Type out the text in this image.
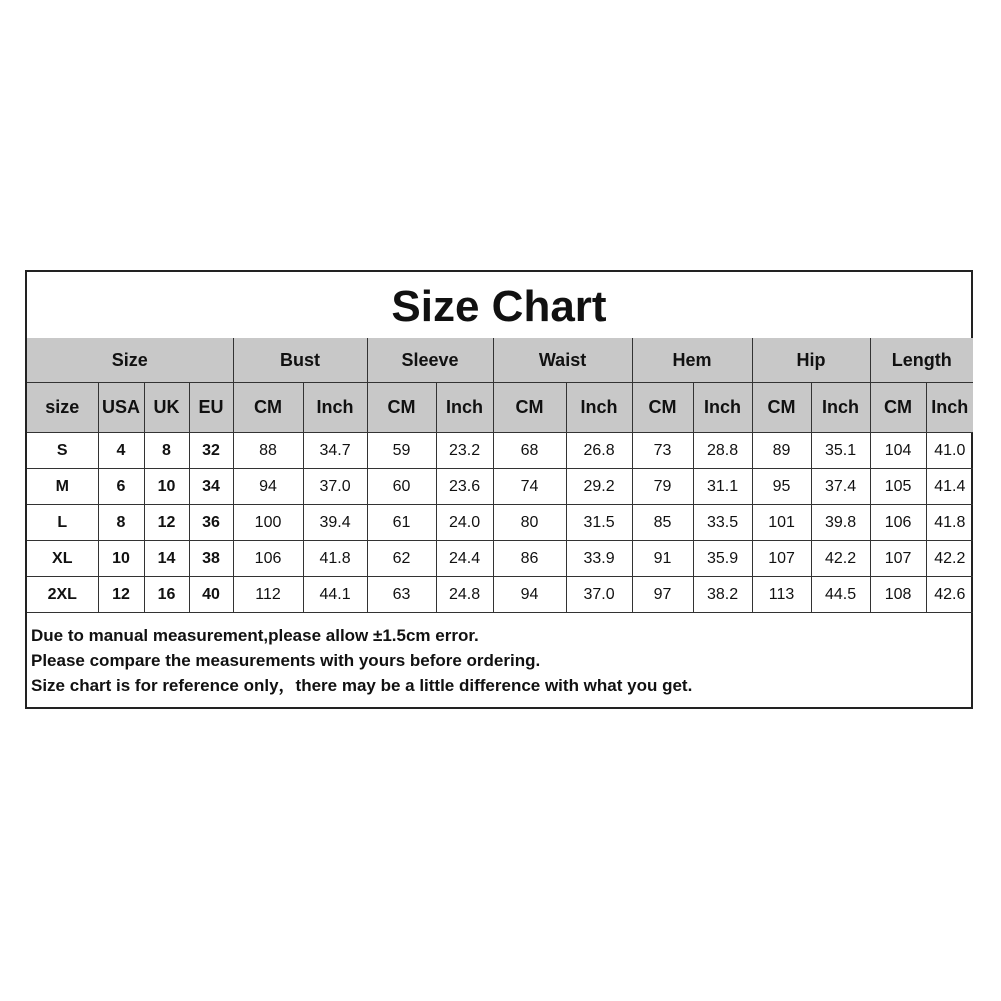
Size Chart
Size				Bust		Sleeve		Waist		Hem		Hip		Length	
size	USA	UK	EU	CM	Inch	CM	Inch	CM	Inch	CM	Inch	CM	Inch	CM	Inch
S	4	8	32	88	34.7	59	23.2	68	26.8	73	28.8	89	35.1	104	41.0
M	6	10	34	94	37.0	60	23.6	74	29.2	79	31.1	95	37.4	105	41.4
L	8	12	36	100	39.4	61	24.0	80	31.5	85	33.5	101	39.8	106	41.8
XL	10	14	38	106	41.8	62	24.4	86	33.9	91	35.9	107	42.2	107	42.2
2XL	12	16	40	112	44.1	63	24.8	94	37.0	97	38.2	113	44.5	108	42.6
Due to manual measurement,please allow ±1.5cm error.
Please compare the measurements with yours before ordering.
Size chart is for reference only，there may be a little difference with what you get.
